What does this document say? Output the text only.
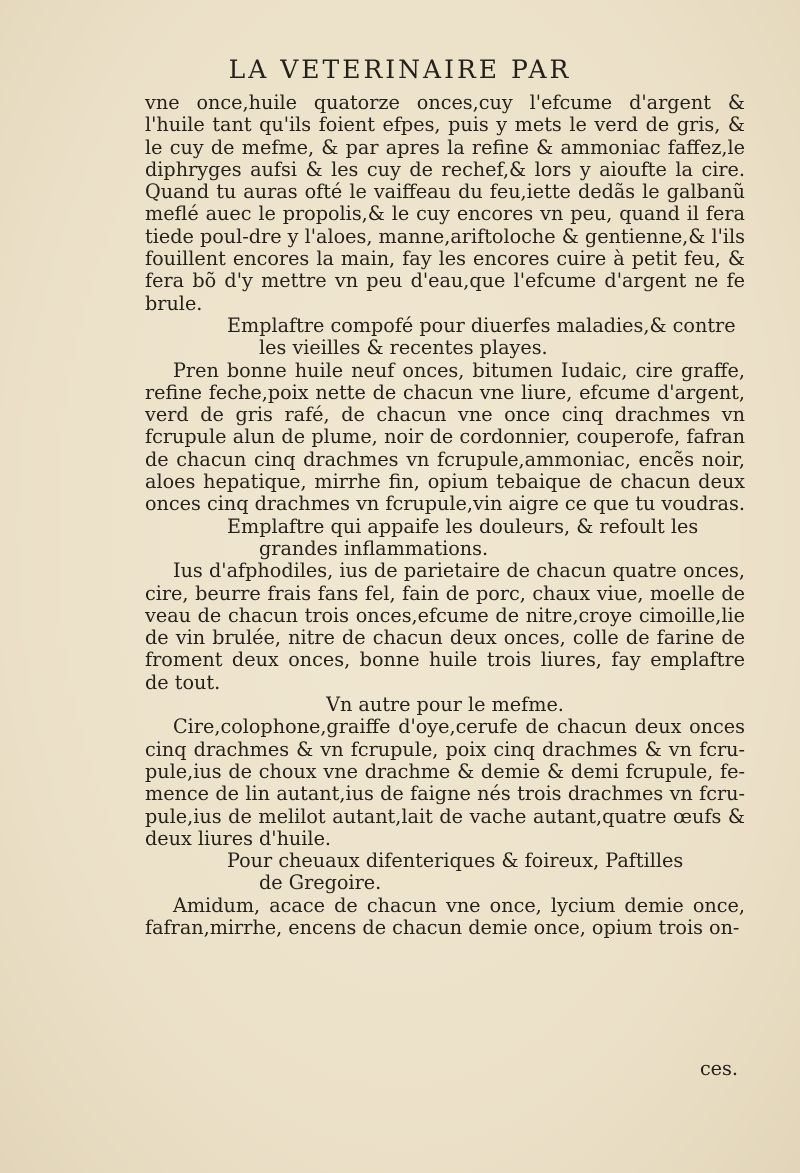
LA VETERINAIRE PAR

vne once,huile quatorze onces,cuy l'efcume d'argent & l'huile tant qu'ils foient efpes, puis y mets le verd de gris, & le cuy de mefme, & par apres la refine & ammoniac faffez,le diphryges aufsi & les cuy de rechef,& lors y aioufte la cire. Quand tu auras ofté le vaiffeau du feu,iette dedãs le galbanũ meflé auec le propolis,& le cuy encores vn peu, quand il fera tiede poul-dre y l'aloes, manne,ariftoloche & gentienne,& l'ils fouillent encores la main, fay les encores cuire à petit feu, & fera bõ d'y mettre vn peu d'eau,que l'efcume d'argent ne fe brule.

Emplaftre compofé pour diuerfes maladies,& contre
les vieilles & recentes playes.

Pren bonne huile neuf onces, bitumen Iudaic, cire graffe, refine feche,poix nette de chacun vne liure, efcume d'argent, verd de gris rafé, de chacun vne once cinq drachmes vn fcrupule alun de plume, noir de cordonnier, couperofe, fafran de chacun cinq drachmes vn fcrupule,ammoniac, encẽs noir, aloes hepatique, mirrhe fin, opium tebaique de chacun deux onces cinq drachmes vn fcrupule,vin aigre ce que tu voudras.

Emplaftre qui appaife les douleurs, & refoult les
grandes inflammations.

Ius d'afphodiles, ius de parietaire de chacun quatre onces, cire, beurre frais fans fel, fain de porc, chaux viue, moelle de veau de chacun trois onces,efcume de nitre,croye cimoille,lie de vin brulée, nitre de chacun deux onces, colle de farine de froment deux onces, bonne huile trois liures, fay emplaftre de tout.

Vn autre pour le mefme.

Cire,colophone,graiffe d'oye,cerufe de chacun deux onces cinq drachmes & vn fcrupule, poix cinq drachmes & vn fcru-pule,ius de choux vne drachme & demie & demi fcrupule, fe-mence de lin autant,ius de faigne nés trois drachmes vn fcru-pule,ius de melilot autant,lait de vache autant,quatre œufs & deux liures d'huile.

Pour cheuaux difenteriques & foireux, Paftilles
de Gregoire.

Amidum, acace de chacun vne once, lycium demie once, fafran,mirrhe, encens de chacun demie once, opium trois on-

ces.
